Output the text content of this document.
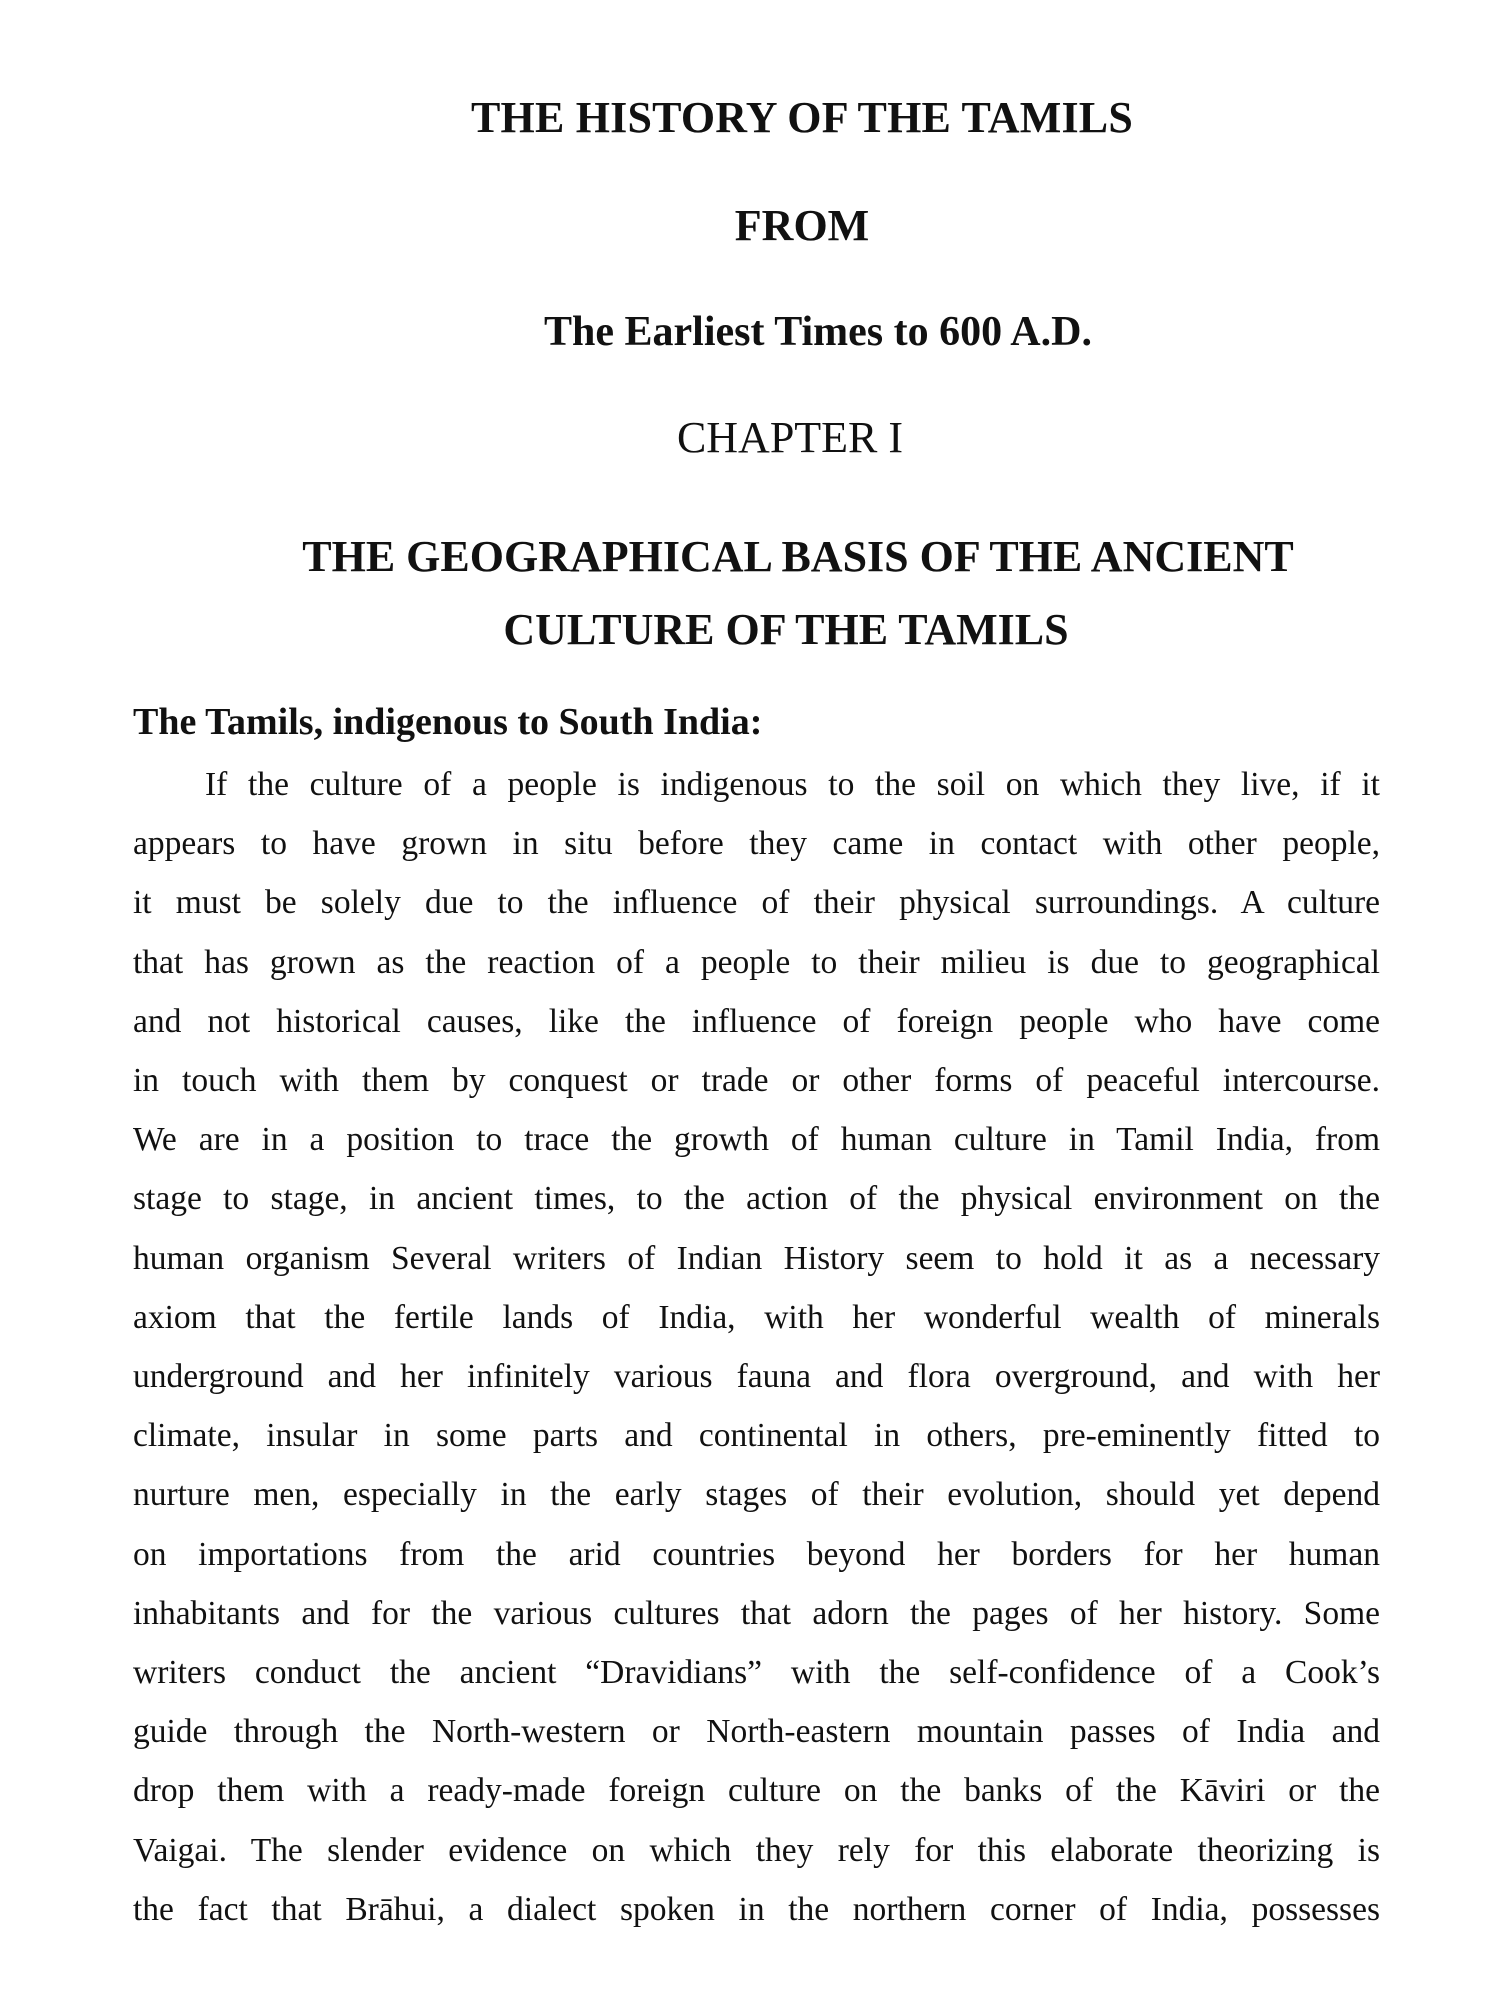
THE HISTORY OF THE TAMILS
FROM
The Earliest Times to 600 A.D.
CHAPTER I
THE GEOGRAPHICAL BASIS OF THE ANCIENT
CULTURE OF THE TAMILS
The Tamils, indigenous to South India:
If the culture of a people is indigenous to the soil on which they live, if it
appears to have grown in situ before they came in contact with other people,
it must be solely due to the influence of their physical surroundings. A culture
that has grown as the reaction of a people to their milieu is due to geographical
and not historical causes, like the influence of foreign people who have come
in touch with them by conquest or trade or other forms of peaceful intercourse.
We are in a position to trace the growth of human culture in Tamil India, from
stage to stage, in ancient times, to the action of the physical environment on the
human organism Several writers of Indian History seem to hold it as a necessary
axiom that the fertile lands of India, with her wonderful wealth of minerals
underground and her infinitely various fauna and flora overground, and with her
climate, insular in some parts and continental in others, pre-eminently fitted to
nurture men, especially in the early stages of their evolution, should yet depend
on importations from the arid countries beyond her borders for her human
inhabitants and for the various cultures that adorn the pages of her history. Some
writers conduct the ancient “Dravidians” with the self-confidence of a Cook’s
guide through the North-western or North-eastern mountain passes of India and
drop them with a ready-made foreign culture on the banks of the Kāviri or the
Vaigai. The slender evidence on which they rely for this elaborate theorizing is
the fact that Brāhui, a dialect spoken in the northern corner of India, possesses
